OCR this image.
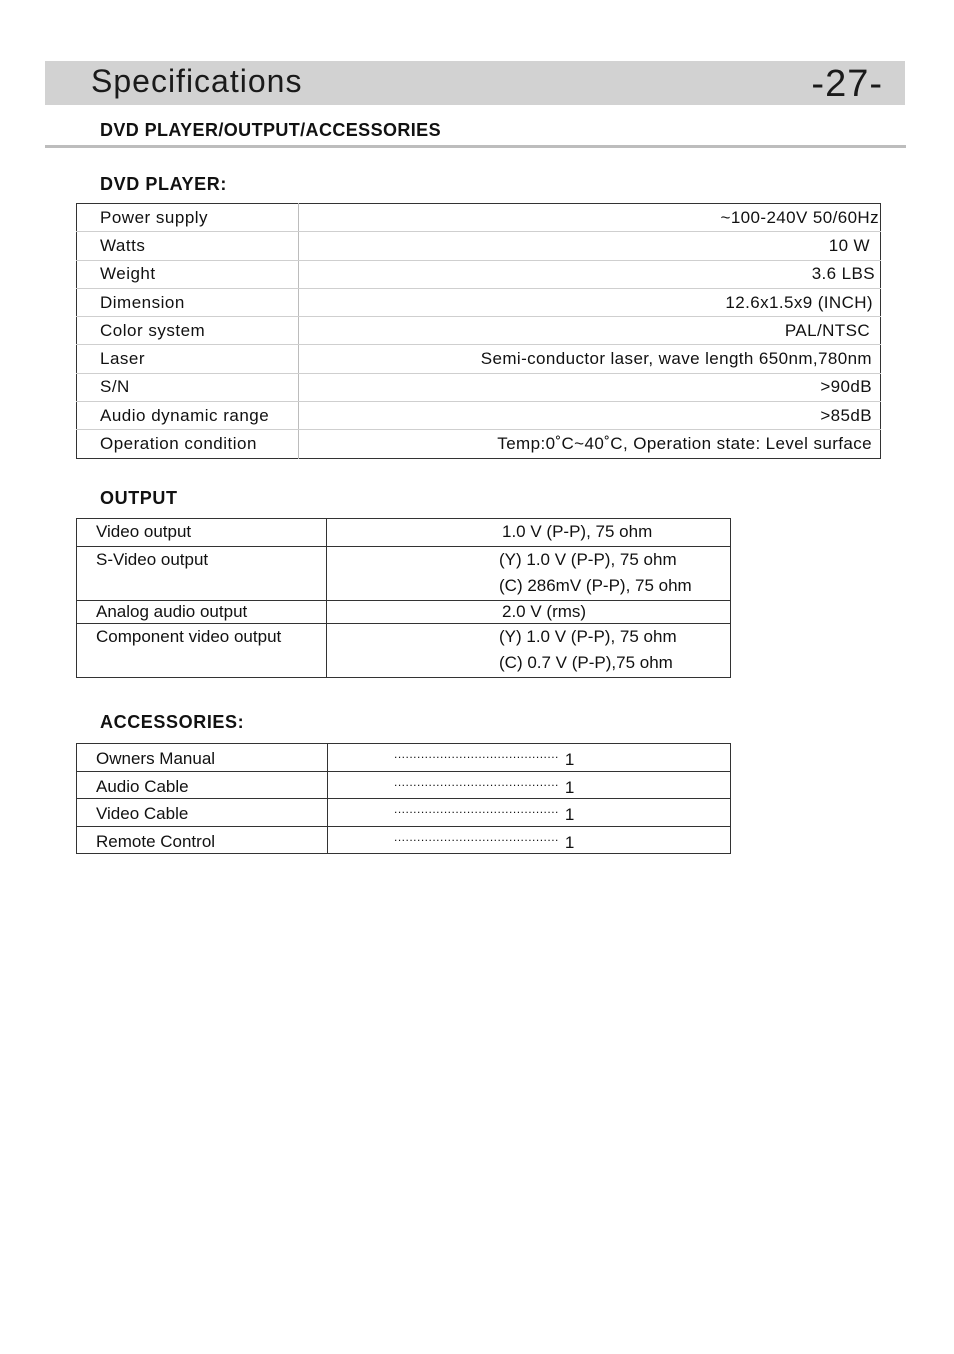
Specifications	-27-
DVD PLAYER/OUTPUT/ACCESSORIES
DVD PLAYER:
Power supply	~100-240V 50/60Hz
Watts	10 W
Weight	3.6 LBS
Dimension	12.6x1.5x9 (INCH)
Color system	PAL/NTSC
Laser	Semi-conductor laser, wave length 650nm,780nm
S/N	>90dB
Audio dynamic range	>85dB
Operation condition	Temp:0˚C~40˚C, Operation state: Level surface
OUTPUT
Video output	1.0 V (P-P), 75 ohm

S-Video output	(Y) 1.0 V (P-P), 75 ohm
(C) 286mV (P-P), 75 ohm

Analog audio output	2.0 V (rms)

Component video output	(Y) 1.0 V (P-P), 75 ohm
(C) 0.7 V (P-P),75 ohm
ACCESSORIES:
Owners Manual	........................................... 1
Audio Cable	........................................... 1
Video Cable	........................................... 1
Remote Control	........................................... 1
